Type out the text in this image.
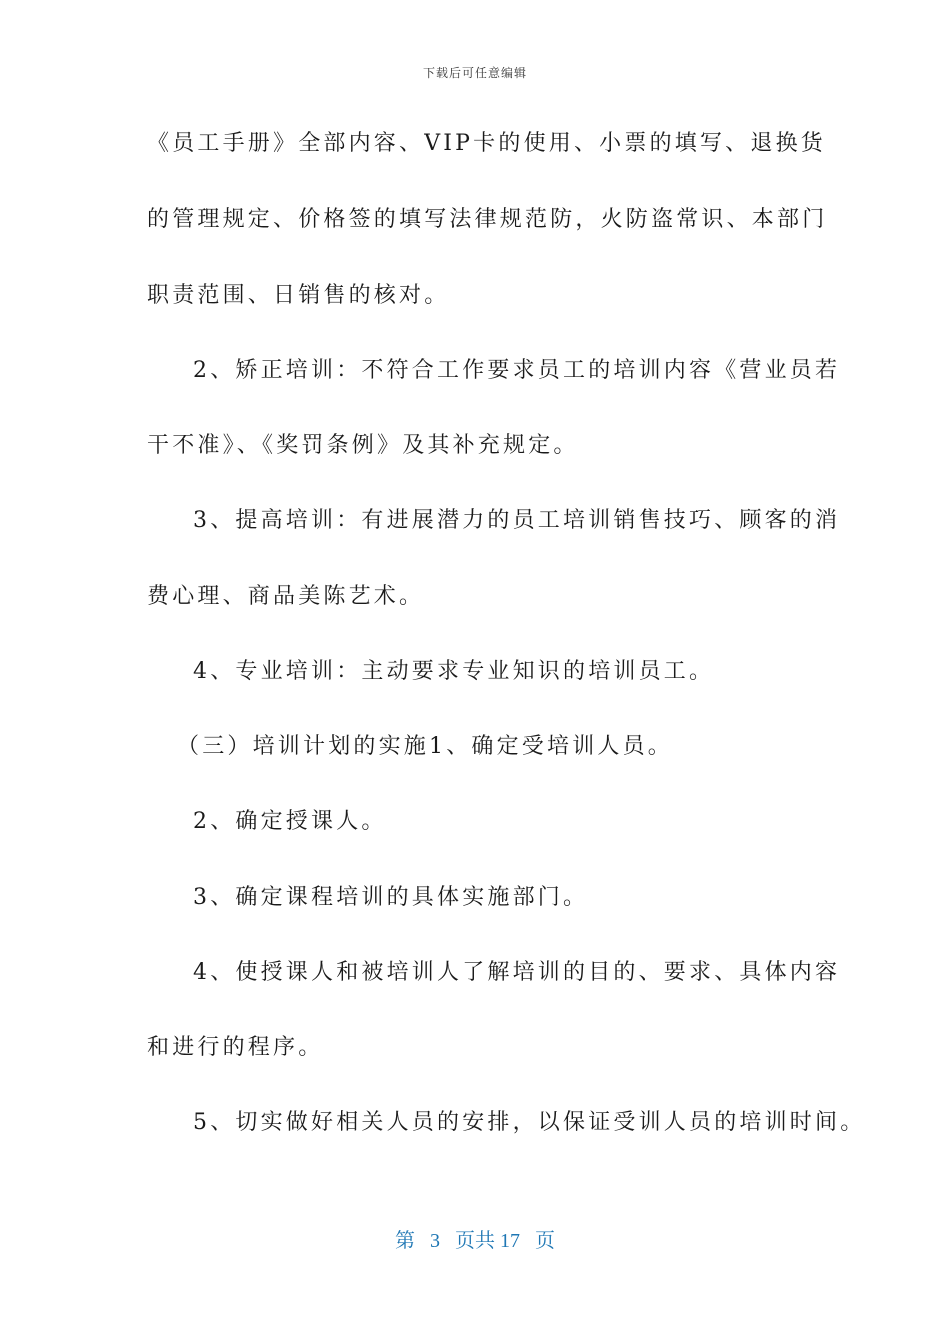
下载后可任意编辑
《员工手册》全部内容、VIP卡的使用、小票的填写、退换货
的管理规定、价格签的填写法律规范防，火防盗常识、本部门
职责范围、日销售的核对。
2、矫正培训：不符合工作要求员工的培训内容《营业员若
干不准》、《奖罚条例》及其补充规定。
3、提高培训：有进展潜力的员工培训销售技巧、顾客的消
费心理、商品美陈艺术。
4、专业培训：主动要求专业知识的培训员工。
（三）培训计划的实施1、确定受培训人员。
2、确定授课人。
3、确定课程培训的具体实施部门。
4、使授课人和被培训人了解培训的目的、要求、具体内容
和进行的程序。
5、切实做好相关人员的安排，以保证受训人员的培训时间。
第 3 页共 17 页
